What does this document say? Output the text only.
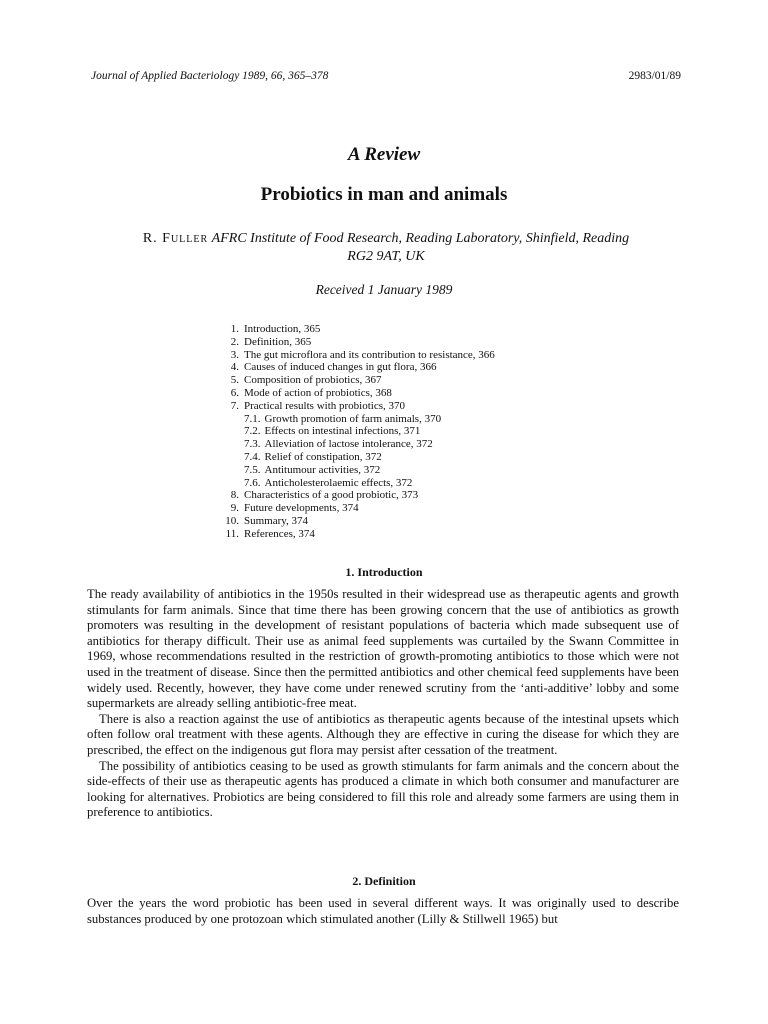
Journal of Applied Bacteriology 1989, 66, 365–378	2983/01/89
A Review
Probiotics in man and animals
R. Fuller AFRC Institute of Food Research, Reading Laboratory, Shinfield, Reading
RG2 9AT, UK
Received 1 January 1989
1. Introduction, 365
2. Definition, 365
3. The gut microflora and its contribution to resistance, 366
4. Causes of induced changes in gut flora, 366
5. Composition of probiotics, 367
6. Mode of action of probiotics, 368
7. Practical results with probiotics, 370
7.1. Growth promotion of farm animals, 370
7.2. Effects on intestinal infections, 371
7.3. Alleviation of lactose intolerance, 372
7.4. Relief of constipation, 372
7.5. Antitumour activities, 372
7.6. Anticholesterolaemic effects, 372
8. Characteristics of a good probiotic, 373
9. Future developments, 374
10. Summary, 374
11. References, 374
1. Introduction

The ready availability of antibiotics in the 1950s resulted in their widespread use as therapeutic agents and growth stimulants for farm animals. Since that time there has been growing concern that the use of antibiotics as growth promoters was resulting in the development of resistant populations of bacteria which made subsequent use of antibiotics for therapy difficult. Their use as animal feed supplements was curtailed by the Swann Committee in 1969, whose recommendations resulted in the restriction of growth-promoting antibiotics to those which were not used in the treatment of disease. Since then the permitted antibiotics and other chemical feed supplements have been widely used. Recently, however, they have come under renewed scrutiny from the ‘anti-additive’ lobby and some supermarkets are already selling antibiotic-free meat.

There is also a reaction against the use of antibiotics as therapeutic agents because of the intestinal upsets which often follow oral treatment with these agents. Although they are effective in curing the disease for which they are prescribed, the effect on the indigenous gut flora may persist after cessation of the treatment.

The possibility of antibiotics ceasing to be used as growth stimulants for farm animals and the concern about the side-effects of their use as therapeutic agents has produced a climate in which both consumer and manufacturer are looking for alternatives. Probiotics are being considered to fill this role and already some farmers are using them in preference to antibiotics.

2. Definition

Over the years the word probiotic has been used in several different ways. It was originally used to describe substances produced by one protozoan which stimulated another (Lilly & Stillwell 1965) but
